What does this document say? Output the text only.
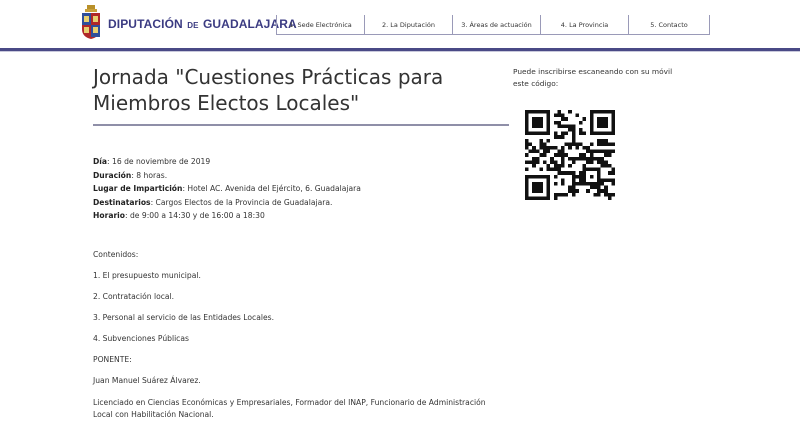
DIPUTACIÓN DE GUADALAJARA
1. Sede Electrónica	2. La Diputación	3. Áreas de actuación	4. La Provincia	5. Contacto
Jornada "Cuestiones Prácticas para Miembros Electos Locales"
Día: 16 de noviembre de 2019
Duración: 8 horas.
Lugar de Impartición: Hotel AC. Avenida del Ejército, 6. Guadalajara
Destinatarios: Cargos Electos de la Provincia de Guadalajara.
Horario: de 9:00 a 14:30 y de 16:00 a 18:30

Contenidos:

1. El presupuesto municipal.

2. Contratación local.

3. Personal al servicio de las Entidades Locales.

4. Subvenciones Públicas

PONENTE:

Juan Manuel Suárez Álvarez.

Licenciado en Ciencias Económicas y Empresariales, Formador del INAP, Funcionario de Administración Local con Habilitación Nacional.

Puede inscribirse escaneando con su móvil este código:
